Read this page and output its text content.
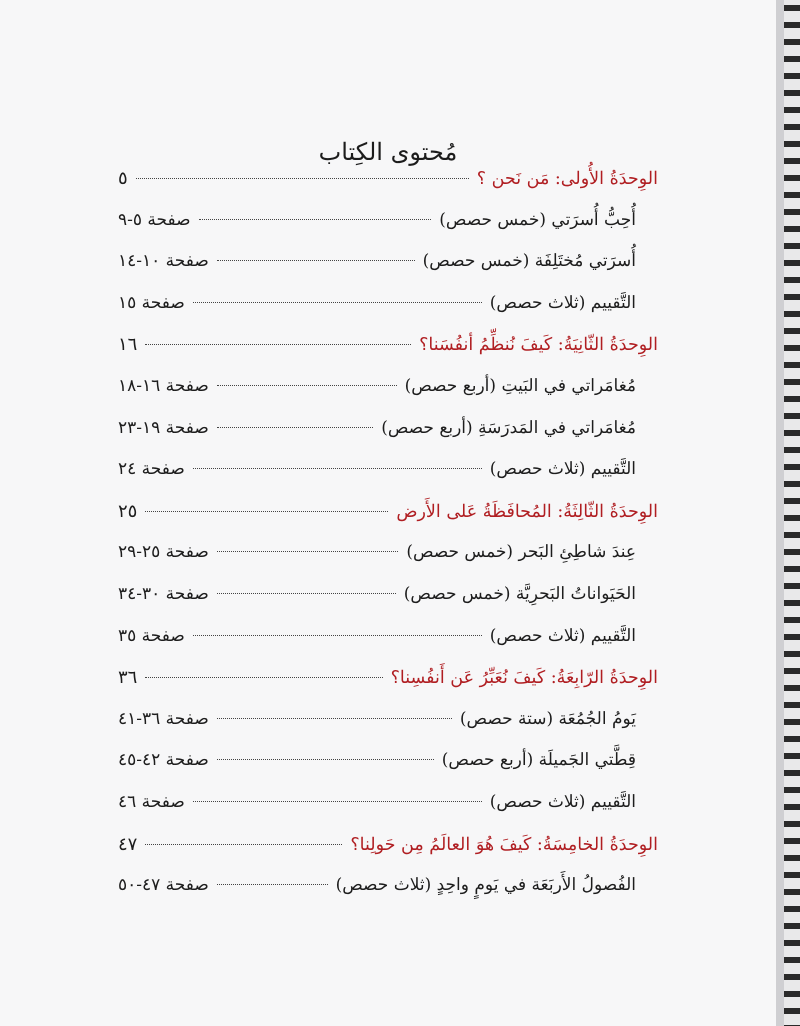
مُحتوى الكِتاب
الوِحدَةُ الأُولى: مَن نَحن ؟
٥
أُحِبُّ أُسرَتي (خمس حصص)
صفحة ٥-٩
أُسرَتي مُختَلِفَة (خمس حصص)
صفحة ١٠-١٤
التَّقييم (ثلاث حصص)
صفحة ١٥
الوِحدَةُ الثّانِيَةُ: كَيفَ نُنظِّمُ أنفُسَنا؟
١٦
مُغامَراتي في البَيتِ (أربع حصص)
صفحة ١٦-١٨
مُغامَراتي في المَدرَسَةِ (أربع حصص)
صفحة ١٩-٢٣
التَّقييم (ثلاث حصص)
صفحة ٢٤
الوِحدَةُ الثّالِثَةُ: المُحافَظَةُ عَلى الأَرض
٢٥
عِندَ شاطِئِ البَحر (خمس حصص)
صفحة ٢٥-٢٩
الحَيَواناتُ البَحرِيَّة (خمس حصص)
صفحة ٣٠-٣٤
التَّقييم (ثلاث حصص)
صفحة ٣٥
الوِحدَةُ الرّابِعَةُ: كَيفَ نُعَبِّرُ عَن أَنفُسِنا؟
٣٦
يَومُ الجُمُعَة (ستة حصص)
صفحة ٣٦-٤١
قِطَّتي الجَميلَة (أربع حصص)
صفحة ٤٢-٤٥
التَّقييم (ثلاث حصص)
صفحة ٤٦
الوِحدَةُ الخامِسَةُ: كَيفَ هُوَ العالَمُ مِن حَولِنا؟
٤٧
الفُصولُ الأَربَعَة في يَومٍ واحِدٍ (ثلاث حصص)
صفحة ٤٧-٥٠
